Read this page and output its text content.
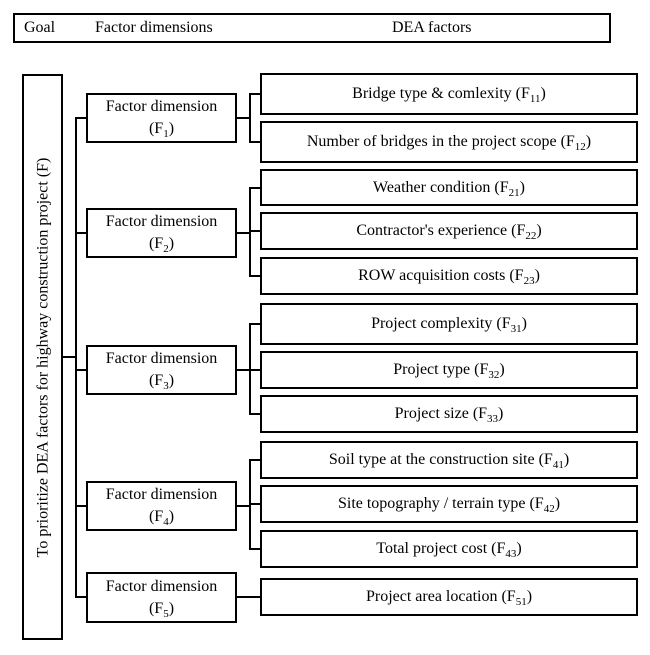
Goal Factor dimensions	DEA factors
To prioritize DEA factors for highway construction project (F)
Factor dimension
$(F_1)$
Factor dimension
$(F_2)$
Factor dimension
$(F_3)$
Factor dimension
$(F_4)$
Factor dimension
$(F_5)$
Bridge type & comlexity $(F_{11})$
Number of bridges in the project scope $(F_{12})$
Weather condition $(F_{21})$
Contractor's experience $(F_{22})$
ROW acquisition costs $(F_{23})$
Project complexity $(F_{31})$
Project type $(F_{32})$
Project size $(F_{33})$
Soil type at the construction site $(F_{41})$
Site topography / terrain type $(F_{42})$
Total project cost $(F_{43})$
Project area location $(F_{51})$
